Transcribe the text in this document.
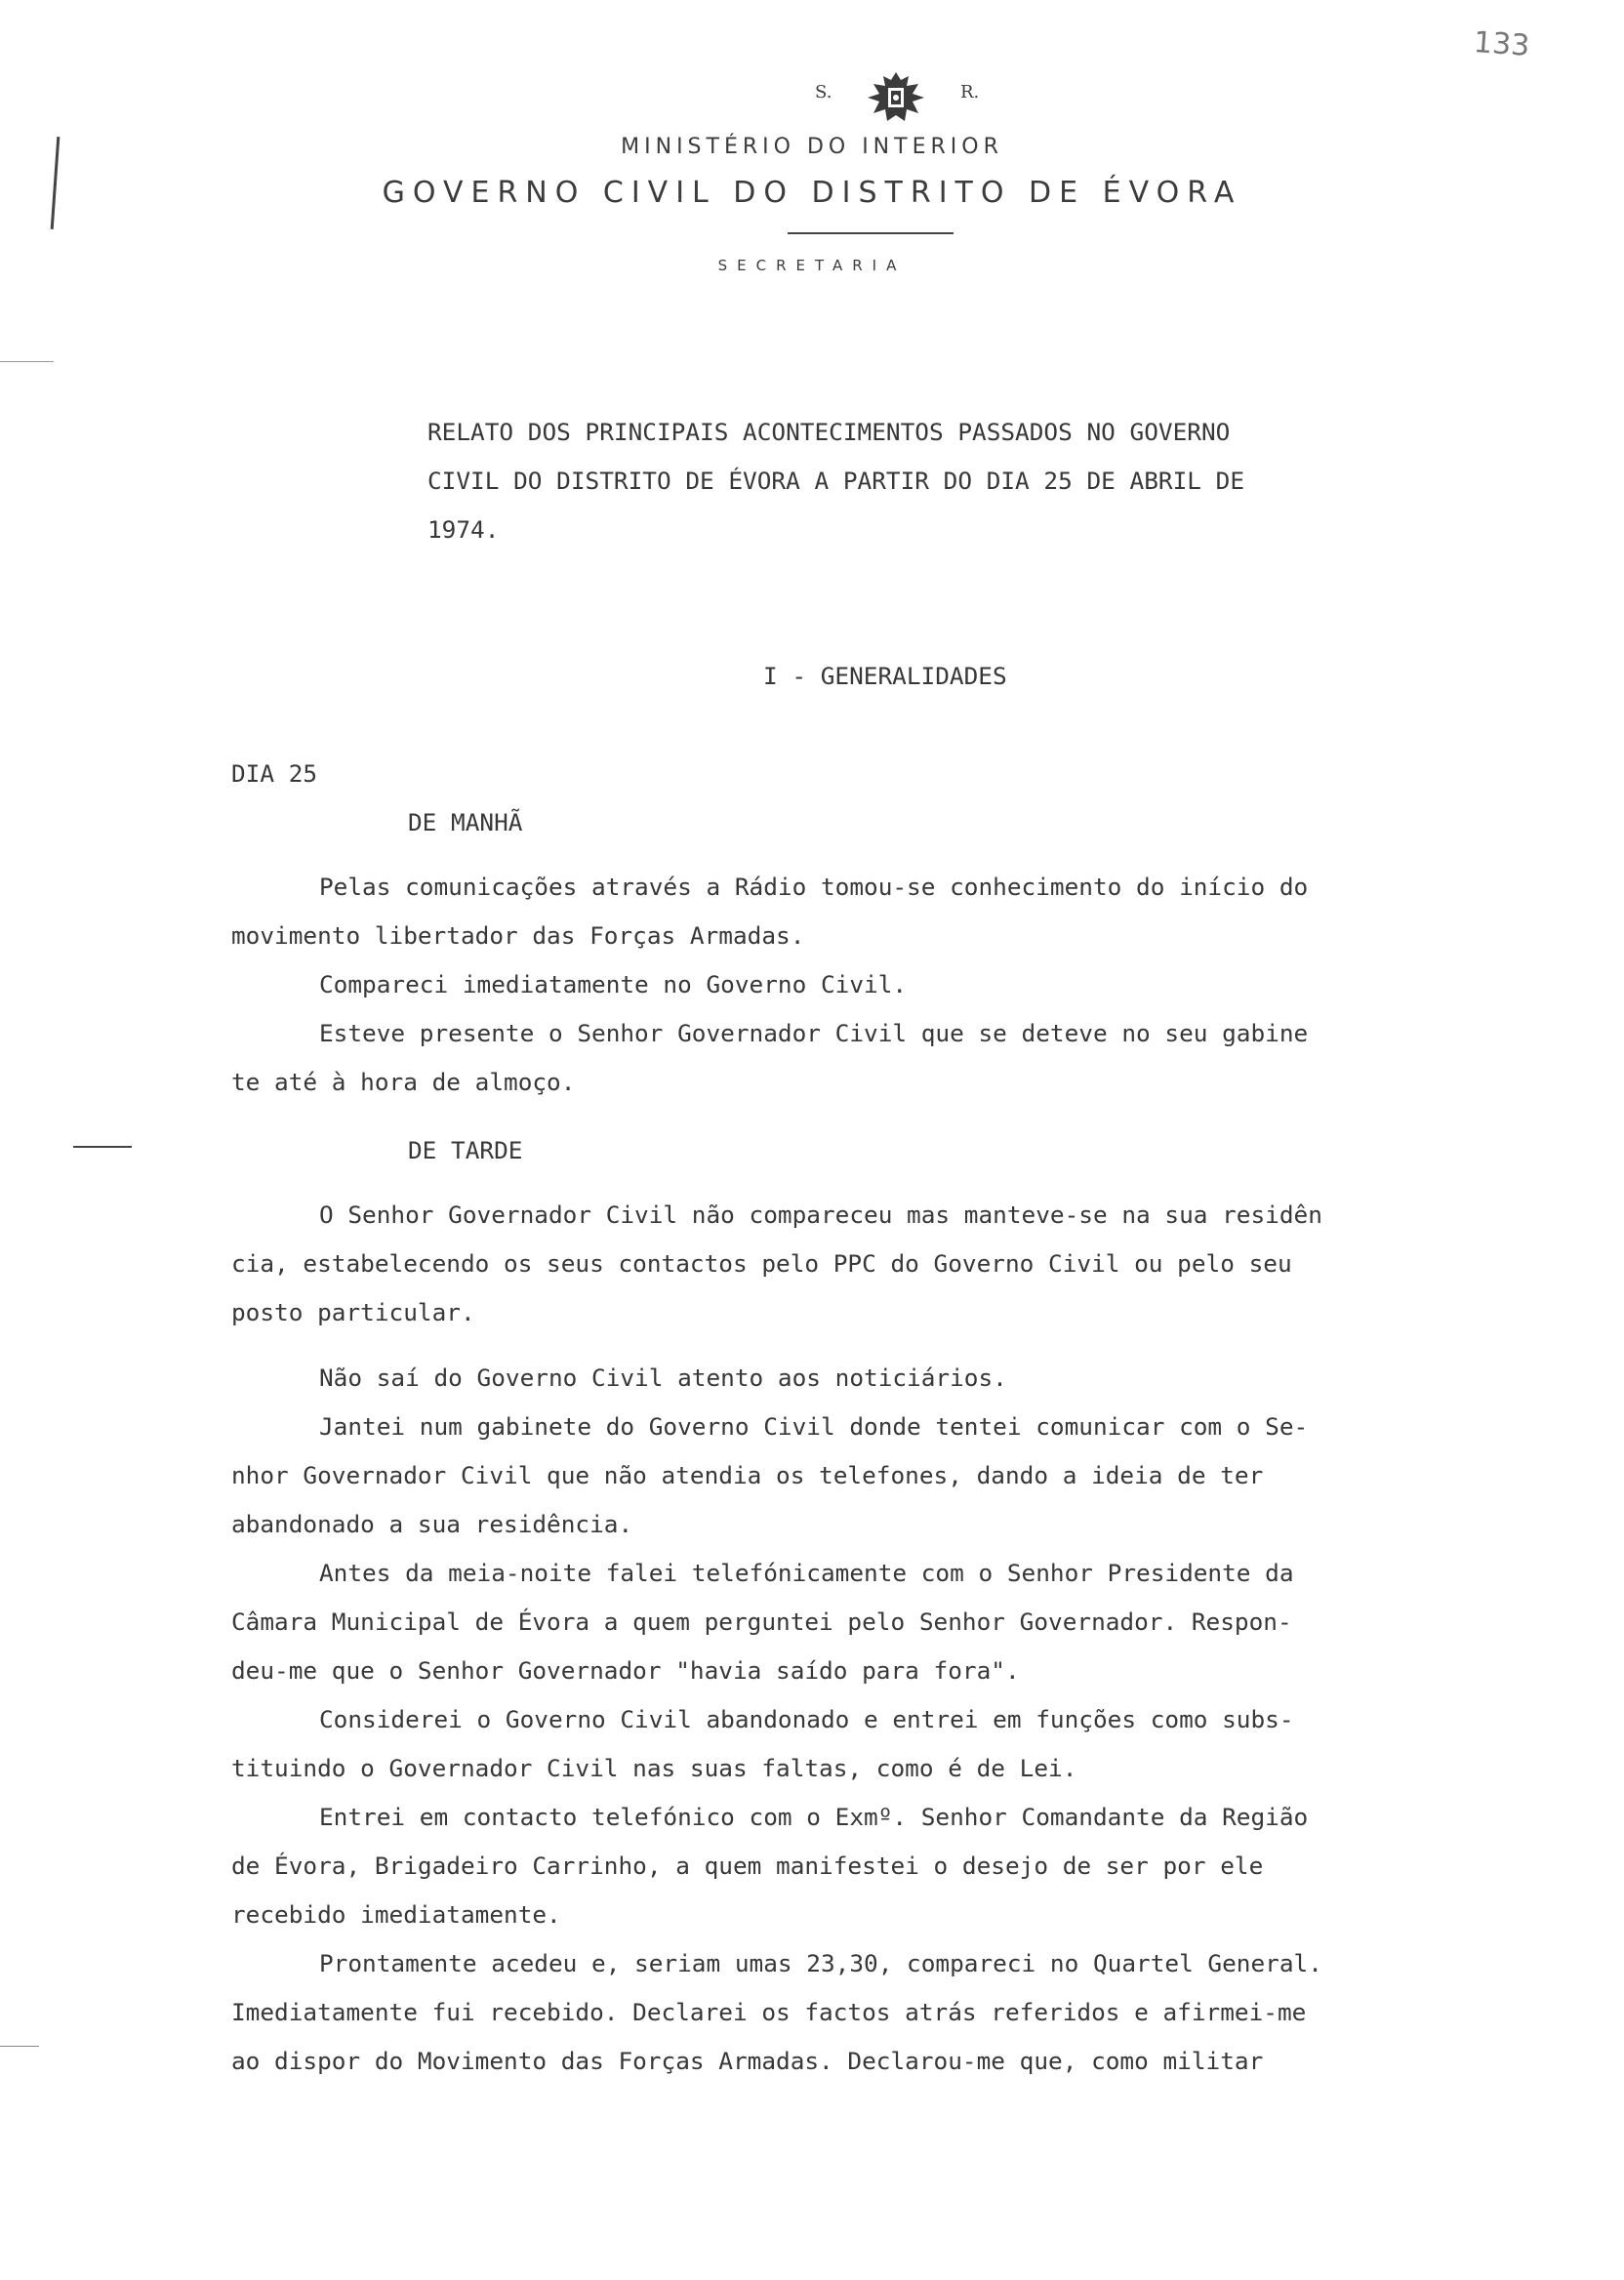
133
S.	R.
MINISTÉRIO DO INTERIOR
GOVERNO CIVIL DO DISTRITO DE ÉVORA
SECRETARIA
RELATO DOS PRINCIPAIS ACONTECIMENTOS PASSADOS NO GOVERNO
CIVIL DO DISTRITO DE ÉVORA A PARTIR DO DIA 25 DE ABRIL DE
1974.
I - GENERALIDADES
DIA 25
DE MANHÃ
Pelas comunicações através a Rádio tomou-se conhecimento do início do
movimento libertador das Forças Armadas.
Compareci imediatamente no Governo Civil.
Esteve presente o Senhor Governador Civil que se deteve no seu gabine
te até à hora de almoço.
DE TARDE
O Senhor Governador Civil não compareceu mas manteve-se na sua residên
cia, estabelecendo os seus contactos pelo PPC do Governo Civil ou pelo seu
posto particular.
Não saí do Governo Civil atento aos noticiários.
Jantei num gabinete do Governo Civil donde tentei comunicar com o Se-
nhor Governador Civil que não atendia os telefones, dando a ideia de ter
abandonado a sua residência.
Antes da meia-noite falei telefónicamente com o Senhor Presidente da
Câmara Municipal de Évora a quem perguntei pelo Senhor Governador. Respon-
deu-me que o Senhor Governador "havia saído para fora".
Considerei o Governo Civil abandonado e entrei em funções como subs-
tituindo o Governador Civil nas suas faltas, como é de Lei.
Entrei em contacto telefónico com o Exmº. Senhor Comandante da Região
de Évora, Brigadeiro Carrinho, a quem manifestei o desejo de ser por ele
recebido imediatamente.
Prontamente acedeu e, seriam umas 23,30, compareci no Quartel General.
Imediatamente fui recebido. Declarei os factos atrás referidos e afirmei-me
ao dispor do Movimento das Forças Armadas. Declarou-me que, como militar
